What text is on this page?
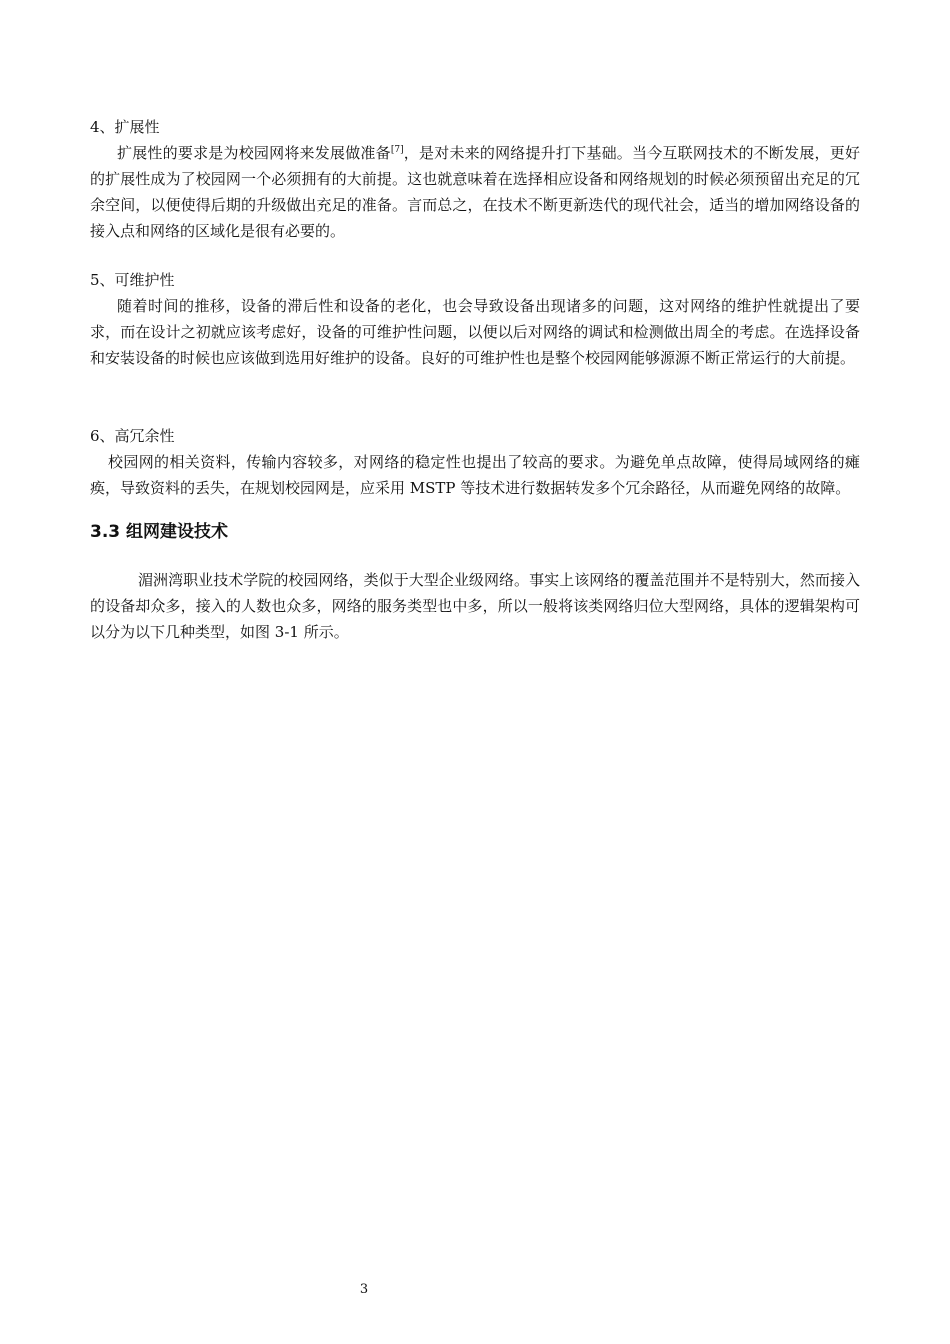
4、扩展性

扩展性的要求是为校园网将来发展做准备[7]，是对未来的网络提升打下基础。当今互联网技术的不断发展，更好的扩展性成为了校园网一个必须拥有的大前提。这也就意味着在选择相应设备和网络规划的时候必须预留出充足的冗余空间，以便使得后期的升级做出充足的准备。言而总之，在技术不断更新迭代的现代社会，适当的增加网络设备的接入点和网络的区域化是很有必要的。

5、可维护性

随着时间的推移，设备的滞后性和设备的老化，也会导致设备出现诸多的问题，这对网络的维护性就提出了要求，而在设计之初就应该考虑好，设备的可维护性问题，以便以后对网络的调试和检测做出周全的考虑。在选择设备和安装设备的时候也应该做到选用好维护的设备。良好的可维护性也是整个校园网能够源源不断正常运行的大前提。

6、高冗余性

校园网的相关资料，传输内容较多，对网络的稳定性也提出了较高的要求。为避免单点故障，使得局域网络的瘫痪，导致资料的丢失，在规划校园网是，应采用 MSTP 等技术进行数据转发多个冗余路径，从而避免网络的故障。

3.3 组网建设技术

湄洲湾职业技术学院的校园网络，类似于大型企业级网络。事实上该网络的覆盖范围并不是特别大，然而接入的设备却众多，接入的人数也众多，网络的服务类型也中多，所以一般将该类网络归位大型网络，具体的逻辑架构可以分为以下几种类型，如图 3-1 所示。

3
